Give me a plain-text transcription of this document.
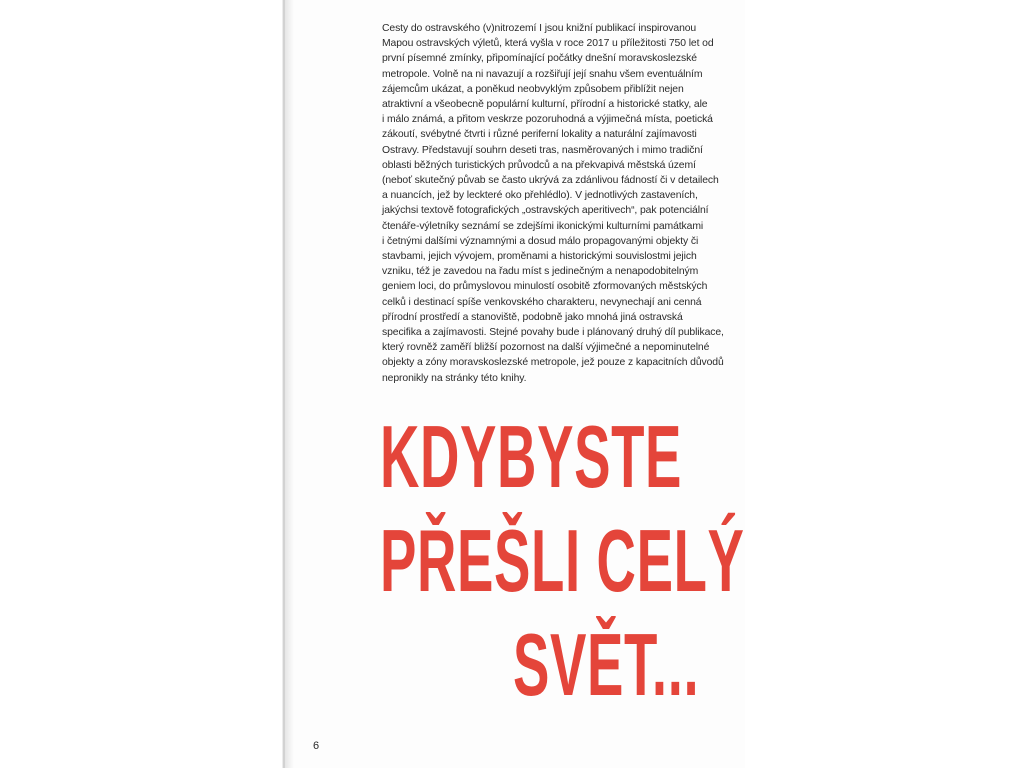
Cesty do ostravského (v)nitrozemí I jsou knižní publikací inspirovanou
Mapou ostravských výletů, která vyšla v roce 2017 u příležitosti 750 let od
první písemné zmínky, připomínající počátky dnešní moravskoslezské
metropole. Volně na ni navazují a rozšiřují její snahu všem eventuálním
zájemcům ukázat, a poněkud neobvyklým způsobem přiblížit nejen
atraktivní a všeobecně populární kulturní, přírodní a historické statky, ale
i málo známá, a přitom veskrze pozoruhodná a výjimečná místa, poetická
zákoutí, svébytné čtvrti i různé periferní lokality a naturální zajímavosti
Ostravy. Představují souhrn deseti tras, nasměrovaných i mimo tradiční
oblasti běžných turistických průvodců a na překvapivá městská území
(neboť skutečný půvab se často ukrývá za zdánlivou fádností či v detailech
a nuancích, jež by leckteré oko přehlédlo). V jednotlivých zastaveních,
jakýchsi textově fotografických „ostravských aperitivech“, pak potenciální
čtenáře-výletníky seznámí se zdejšími ikonickými kulturními památkami
i četnými dalšími významnými a dosud málo propagovanými objekty či
stavbami, jejich vývojem, proměnami a historickými souvislostmi jejich
vzniku, též je zavedou na řadu míst s jedinečným a nenapodobitelným
geniem loci, do průmyslovou minulostí osobitě zformovaných městských
celků i destinací spíše venkovského charakteru, nevynechají ani cenná
přírodní prostředí a stanoviště, podobně jako mnohá jiná ostravská
specifika a zajímavosti. Stejné povahy bude i plánovaný druhý díl publikace,
který rovněž zaměří bližší pozornost na další výjimečné a nepominutelné
objekty a zóny moravskoslezské metropole, jež pouze z kapacitních důvodů
nepronikly na stránky této knihy.

KDYBYSTE
PŘEŠLI CELÝ
SVĚT...
6
